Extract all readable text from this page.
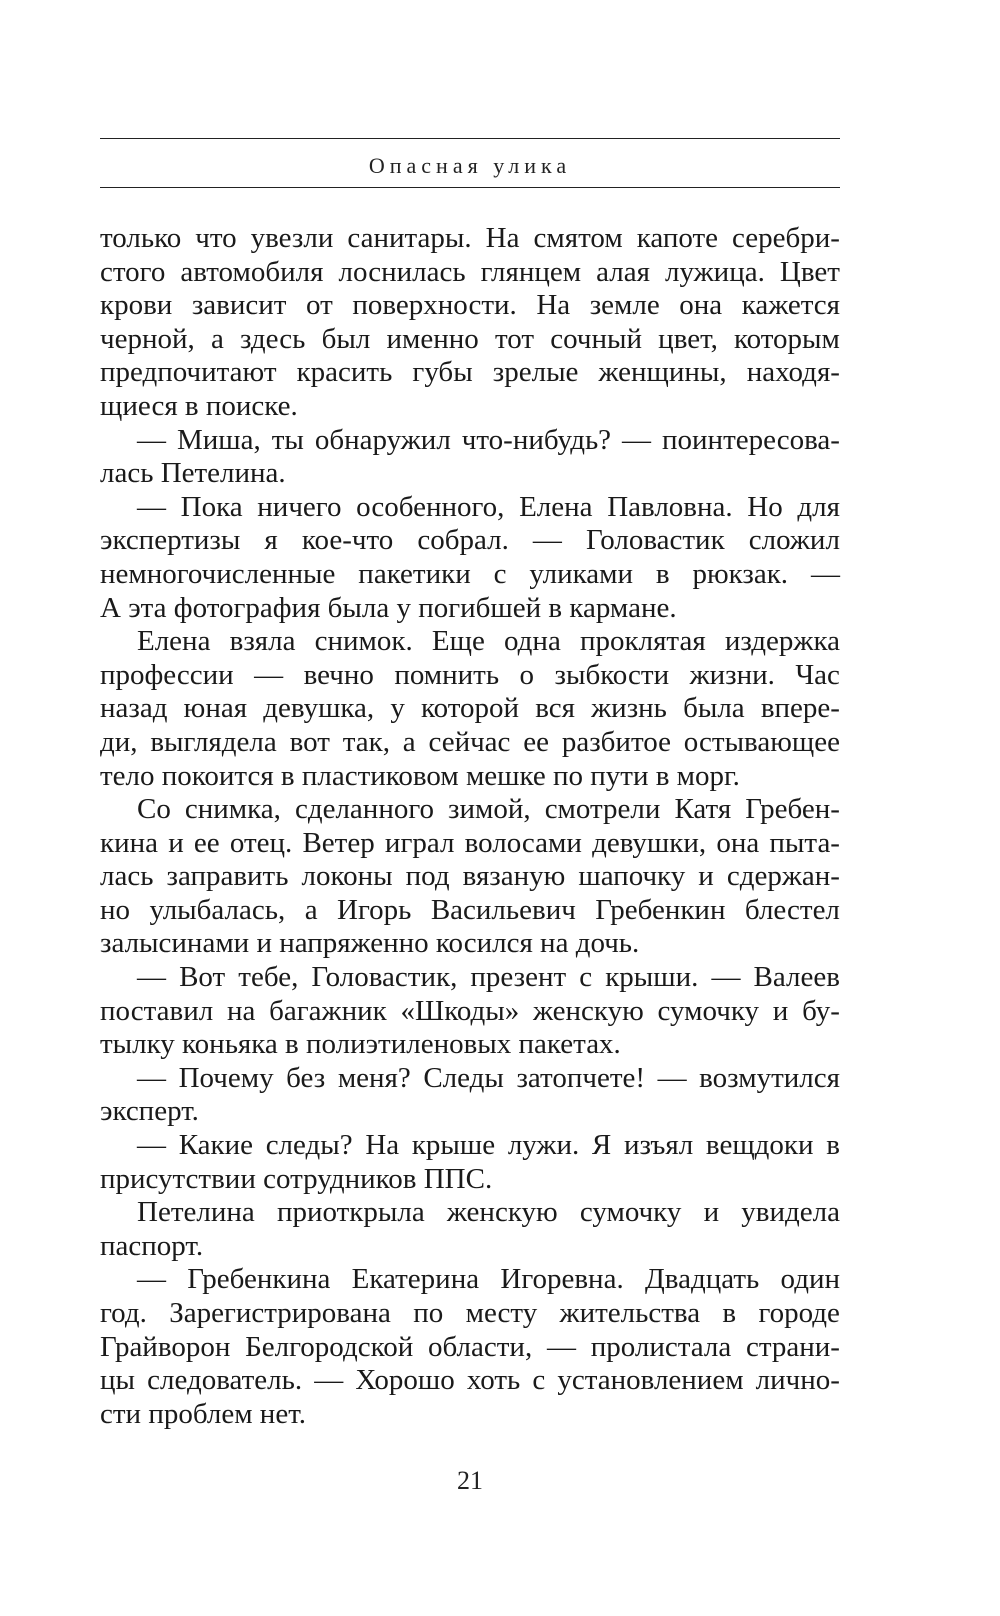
Опасная улика
только что увезли санитары. На смятом капоте серебри-
стого автомобиля лоснилась глянцем алая лужица. Цвет
крови зависит от поверхности. На земле она кажется
черной, а здесь был именно тот сочный цвет, которым
предпочитают красить губы зрелые женщины, находя-
щиеся в поиске.
— Миша, ты обнаружил что-нибудь? — поинтересова-
лась Петелина.
— Пока ничего особенного, Елена Павловна. Но для
экспертизы я кое-что собрал. — Головастик сложил
немногочисленные пакетики с уликами в рюкзак. —
А эта фотография была у погибшей в кармане.
Елена взяла снимок. Еще одна проклятая издержка
профессии — вечно помнить о зыбкости жизни. Час
назад юная девушка, у которой вся жизнь была впере-
ди, выглядела вот так, а сейчас ее разбитое остывающее
тело покоится в пластиковом мешке по пути в морг.
Со снимка, сделанного зимой, смотрели Катя Гребен-
кина и ее отец. Ветер играл волосами девушки, она пыта-
лась заправить локоны под вязаную шапочку и сдержан-
но улыбалась, а Игорь Васильевич Гребенкин блестел
залысинами и напряженно косился на дочь.
— Вот тебе, Головастик, презент с крыши. — Валеев
поставил на багажник «Шкоды» женскую сумочку и бу-
тылку коньяка в полиэтиленовых пакетах.
— Почему без меня? Следы затопчете! — возмутился
эксперт.
— Какие следы? На крыше лужи. Я изъял вещдоки в
присутствии сотрудников ППС.
Петелина приоткрыла женскую сумочку и увидела
паспорт.
— Гребенкина Екатерина Игоревна. Двадцать один
год. Зарегистрирована по месту жительства в городе
Грайворон Белгородской области, — пролистала страни-
цы следователь. — Хорошо хоть с установлением лично-
сти проблем нет.
21
